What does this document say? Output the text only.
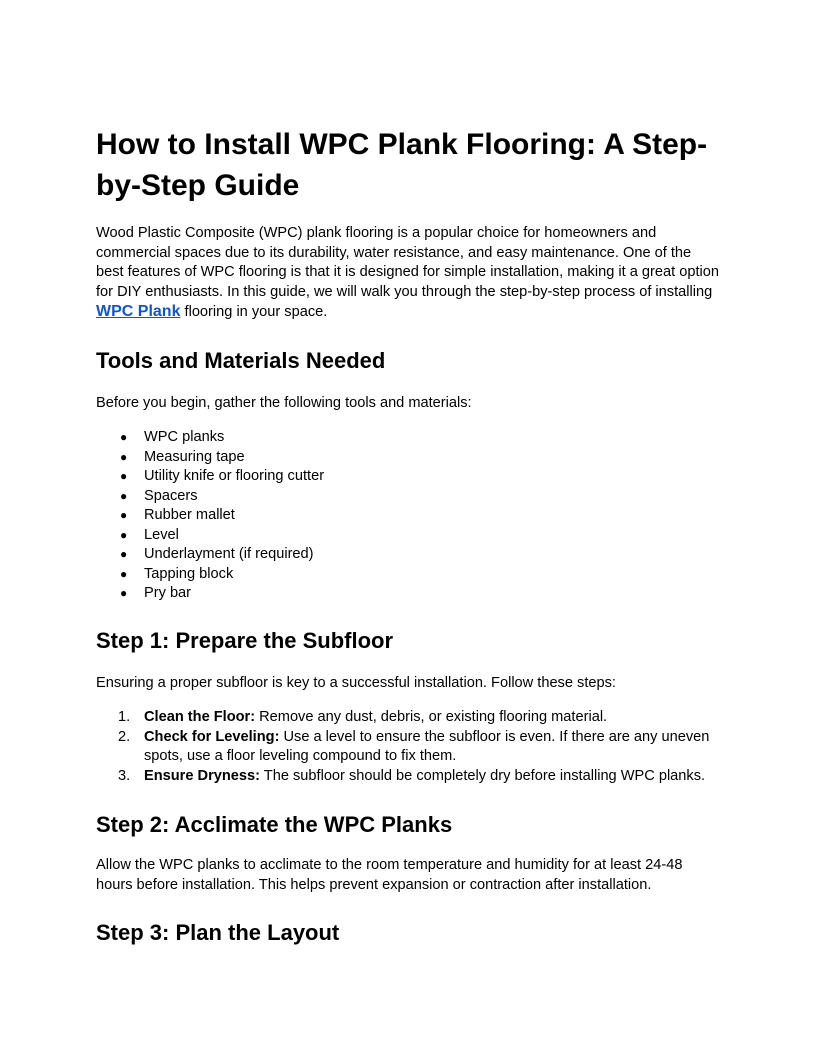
How to Install WPC Plank Flooring: A Step-by-Step Guide

Wood Plastic Composite (WPC) plank flooring is a popular choice for homeowners and commercial spaces due to its durability, water resistance, and easy maintenance. One of the best features of WPC flooring is that it is designed for simple installation, making it a great option for DIY enthusiasts. In this guide, we will walk you through the step-by-step process of installing WPC Plank flooring in your space.

Tools and Materials Needed

Before you begin, gather the following tools and materials:

● WPC planks
● Measuring tape
● Utility knife or flooring cutter
● Spacers
● Rubber mallet
● Level
● Underlayment (if required)
● Tapping block
● Pry bar
Step 1: Prepare the Subfloor

Ensuring a proper subfloor is key to a successful installation. Follow these steps:

1. Clean the Floor: Remove any dust, debris, or existing flooring material.
2. Check for Leveling: Use a level to ensure the subfloor is even. If there are any uneven spots, use a floor leveling compound to fix them.
3. Ensure Dryness: The subfloor should be completely dry before installing WPC planks.
Step 2: Acclimate the WPC Planks

Allow the WPC planks to acclimate to the room temperature and humidity for at least 24-48 hours before installation. This helps prevent expansion or contraction after installation.

Step 3: Plan the Layout
